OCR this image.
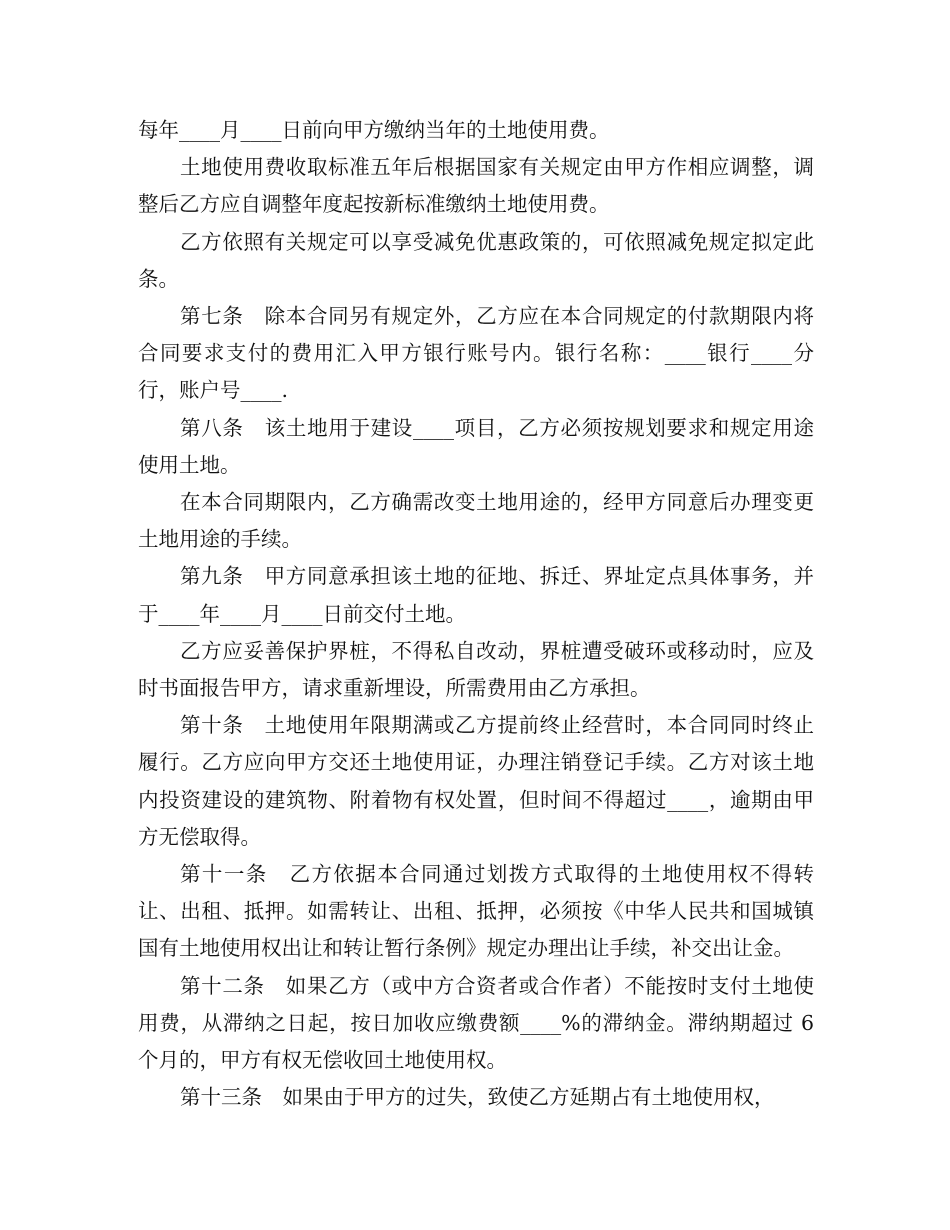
每年____月____日前向甲方缴纳当年的土地使用费。

土地使用费收取标准五年后根据国家有关规定由甲方作相应调整，调整后乙方应自调整年度起按新标准缴纳土地使用费。

乙方依照有关规定可以享受减免优惠政策的，可依照减免规定拟定此条。

第七条　除本合同另有规定外，乙方应在本合同规定的付款期限内将合同要求支付的费用汇入甲方银行账号内。银行名称：____银行____分行，账户号____.

第八条　该土地用于建设____项目，乙方必须按规划要求和规定用途使用土地。

在本合同期限内，乙方确需改变土地用途的，经甲方同意后办理变更土地用途的手续。

第九条　甲方同意承担该土地的征地、拆迁、界址定点具体事务，并于____年____月____日前交付土地。

乙方应妥善保护界桩，不得私自改动，界桩遭受破环或移动时，应及时书面报告甲方，请求重新埋设，所需费用由乙方承担。

第十条　土地使用年限期满或乙方提前终止经营时，本合同同时终止履行。乙方应向甲方交还土地使用证，办理注销登记手续。乙方对该土地内投资建设的建筑物、附着物有权处置，但时间不得超过____，逾期由甲方无偿取得。

第十一条　乙方依据本合同通过划拨方式取得的土地使用权不得转让、出租、抵押。如需转让、出租、抵押，必须按《中华人民共和国城镇国有土地使用权出让和转让暂行条例》规定办理出让手续，补交出让金。

第十二条　如果乙方（或中方合资者或合作者）不能按时支付土地使用费，从滞纳之日起，按日加收应缴费额____%的滞纳金。滞纳期超过 6 个月的，甲方有权无偿收回土地使用权。

第十三条　如果由于甲方的过失，致使乙方延期占有土地使用权，
